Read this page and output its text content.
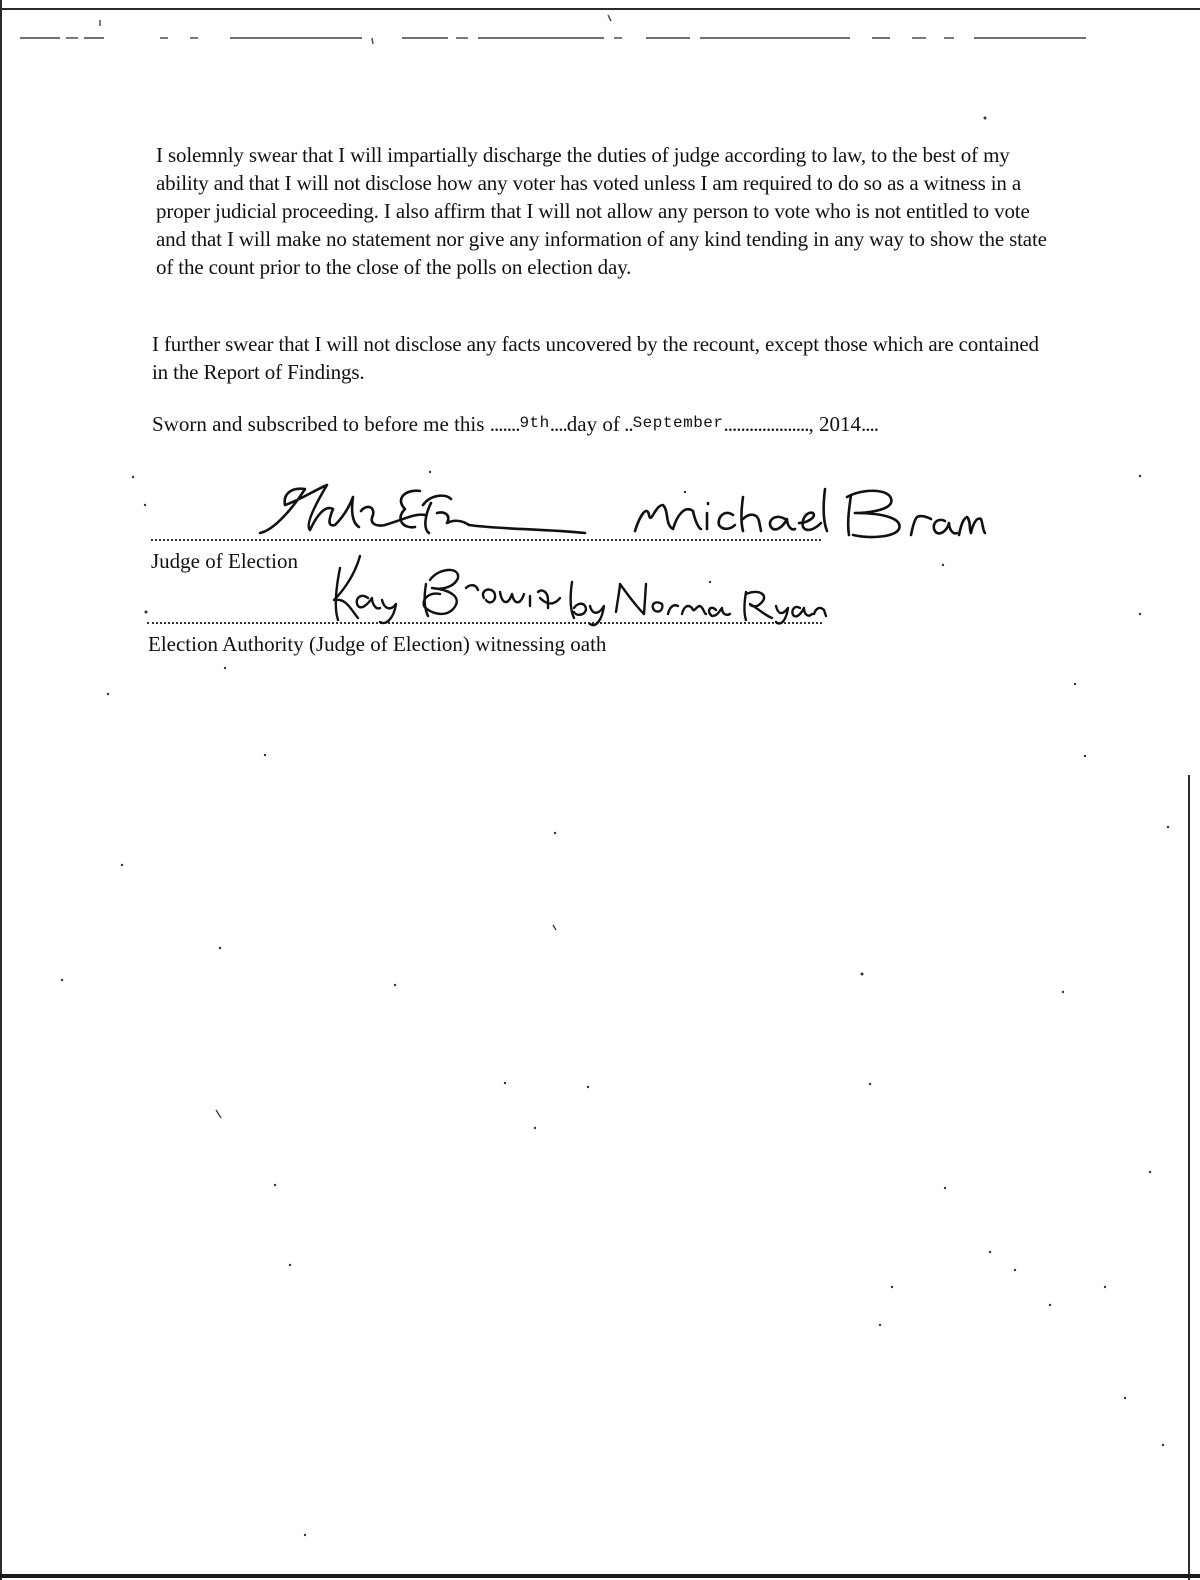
I solemnly swear that I will impartially discharge the duties of judge according to law, to the best of my ability and that I will not disclose how any voter has voted unless I am required to do so as a witness in a proper judicial proceeding. I also affirm that I will not allow any person to vote who is not entitled to vote and that I will make no statement nor give any information of any kind tending in any way to show the state of the count prior to the close of the polls on election day.

I further swear that I will not disclose any facts uncovered by the recount, except those which are contained in the Report of Findings.

Sworn and subscribed to before me this .......9th....day of ..September...................., 2014....

Judge of Election

Election Authority (Judge of Election) witnessing oath
